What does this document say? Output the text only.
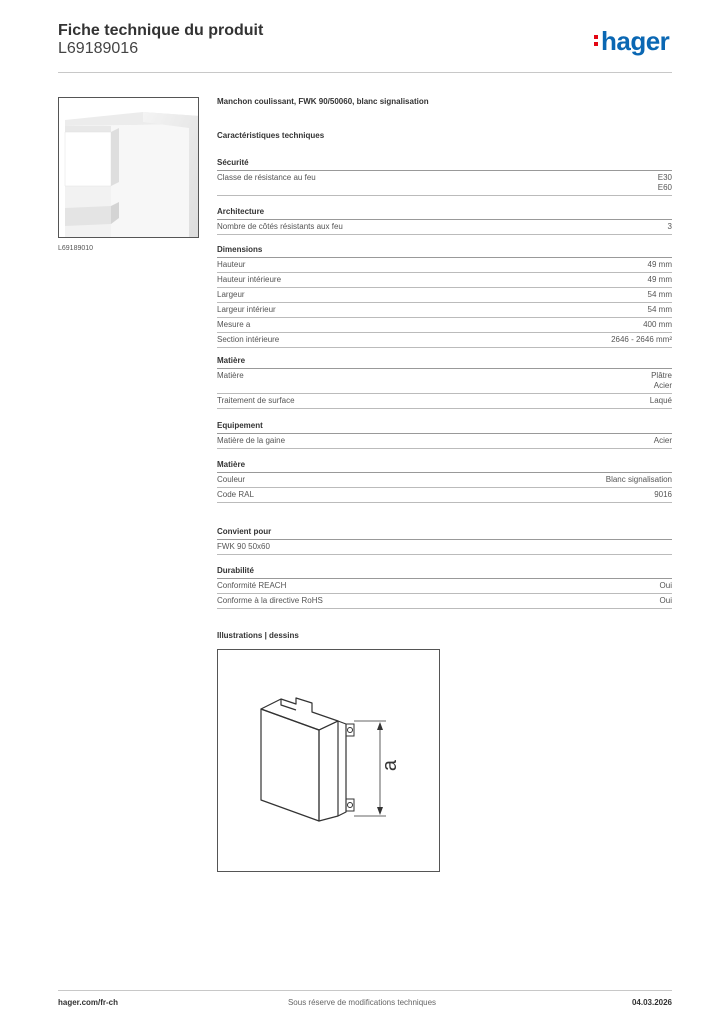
Fiche technique du produit
L69189016	hager
L69189010
Manchon coulissant, FWK 90/50060, blanc signalisation
Caractéristiques techniques
Sécurité
Classe de résistance au feu	E30
E60
Architecture
Nombre de côtés résistants aux feu	3
Dimensions
Hauteur	49 mm
Hauteur intérieure	49 mm
Largeur	54 mm
Largeur intérieur	54 mm
Mesure a	400 mm
Section intérieure	2646 - 2646 mm²
Matière
Matière	Plâtre
Acier
Traitement de surface	Laqué
Equipement
Matière de la gaine	Acier
Matière
Couleur	Blanc signalisation
Code RAL	9016
Convient pour
FWK 90 50x60
Durabilité
Conformité REACH	Oui
Conforme à la directive RoHS	Oui
Illustrations | dessins
a
hager.com/fr-ch	Sous réserve de modifications techniques	04.03.2026
